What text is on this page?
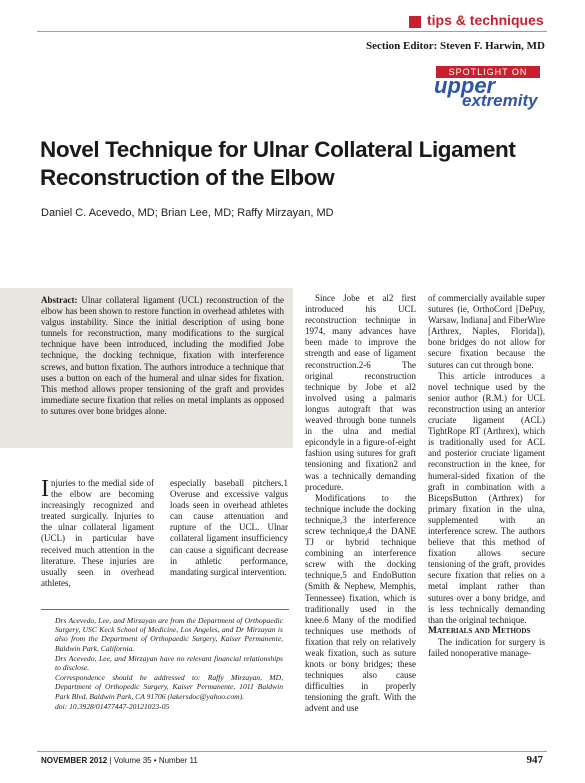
tips & techniques
Section Editor: Steven F. Harwin, MD
SPOTLIGHT ON
upper
extremity
Novel Technique for Ulnar Collateral Ligament
Reconstruction of the Elbow
Daniel C. Acevedo, MD; Brian Lee, MD; Raffy Mirzayan, MD
Abstract: Ulnar collateral ligament (UCL) reconstruction of the elbow has been shown to restore function in overhead athletes with valgus instability. Since the initial description of using bone tunnels for reconstruction, many modifications to the surgical technique have been introduced, including the modified Jobe technique, the docking technique, fixation with interference screws, and button fixation. The authors introduce a technique that uses a button on each of the humeral and ulnar sides for fixation. This method allows proper tensioning of the graft and provides immediate secure fixation that relies on metal implants as opposed to sutures over bone bridges alone.
Injuries to the medial side of the elbow are becoming increasingly recognized and treated surgically. Injuries to the ulnar collateral ligament (UCL) in particular have received much attention in the literature. These injuries are usually seen in overhead athletes,

especially baseball pitchers.1 Overuse and excessive valgus loads seen in overhead athletes can cause attenuation and rupture of the UCL. Ulnar collateral ligament insufficiency can cause a significant decrease in athletic performance, mandating surgical intervention.

Since Jobe et al2 first introduced his UCL reconstruction technique in 1974, many advances have been made to improve the strength and ease of ligament reconstruction.2-6 The original reconstruction technique by Jobe et al2 involved using a palmaris longus autograft that was weaved through bone tunnels in the ulna and medial epicondyle in a figure-of-eight fashion using sutures for graft tensioning and fixation2 and was a technically demanding procedure.

Modifications to the technique include the docking technique,3 the interference screw technique,4 the DANE TJ or hybrid technique combining an interference screw with the docking technique,5 and EndoButton (Smith & Nephew, Memphis, Tennessee) fixation, which is traditionally used in the knee.6 Many of the modified techniques use methods of fixation that rely on relatively weak fixation, such as suture knots or bony bridges; these techniques also cause difficulties in properly tensioning the graft. With the advent and use

of commercially available super sutures (ie, OrthoCord [DePuy, Warsaw, Indiana] and FiberWire [Arthrex, Naples, Florida]), bone bridges do not allow for secure fixation because the sutures can cut through bone.

This article introduces a novel technique used by the senior author (R.M.) for UCL reconstruction using an anterior cruciate ligament (ACL) TightRope RT (Arthrex), which is traditionally used for ACL and posterior cruciate ligament reconstruction in the knee, for humeral-sided fixation of the graft in combination with a BicepsButton (Arthrex) for primary fixation in the ulna, supplemented with an interference screw. The authors believe that this method of fixation allows secure tensioning of the graft, provides secure fixation that relies on a metal implant rather than sutures over a bony bridge, and is less technically demanding than the original technique.

Materials and Methods

The indication for surgery is failed nonoperative manage-

Drs Acevedo, Lee, and Mirzayan are from the Department of Orthopaedic Surgery, USC Keck School of Medicine, Los Angeles, and Dr Mirzayan is also from the Department of Orthopaedic Surgery, Kaiser Permanente, Baldwin Park, California.

Drs Acevedo, Lee, and Mirzayan have no relevant financial relationships to disclose.

Correspondence should be addressed to: Raffy Mirzayan, MD, Department of Orthopedic Surgery, Kaiser Permanente, 1011 Baldwin Park Blvd, Baldwin Park, CA 91706 (lakersdoc@yahoo.com).

doi: 10.3928/01477447-20121023-05

NOVEMBER 2012 | Volume 35 • Number 11	947
